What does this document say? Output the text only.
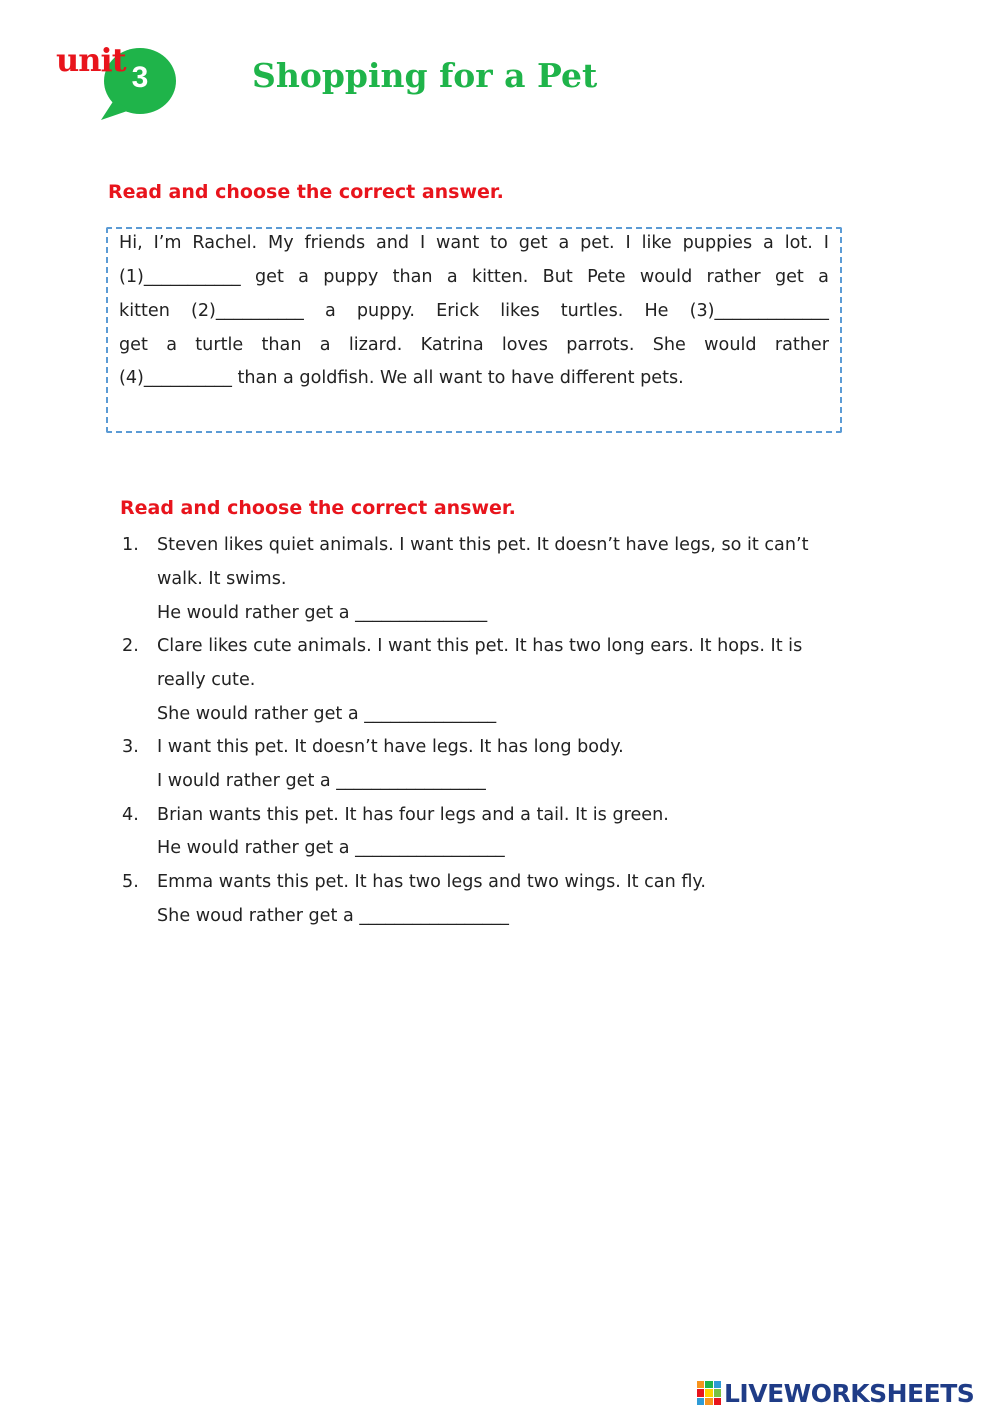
3
unit	Shopping for a Pet
Read and choose the correct answer.
Hi, I’m Rachel. My friends and I want to get a pet. I like puppies a lot. I
(1)___________ get a puppy than a kitten. But Pete would rather get a
kitten (2)__________ a puppy. Erick likes turtles. He (3)_____________
get a turtle than a lizard. Katrina loves parrots. She would rather
(4)__________ than a goldfish. We all want to have different pets.
Read and choose the correct answer.
1. Steven likes quiet animals. I want this pet. It doesn’t have legs, so it can’t
walk. It swims.
He would rather get a _______________
2. Clare likes cute animals. I want this pet. It has two long ears. It hops. It is
really cute.
She would rather get a _______________
3. I want this pet. It doesn’t have legs. It has long body.
I would rather get a _________________
4. Brian wants this pet. It has four legs and a tail. It is green.
He would rather get a _________________
5. Emma wants this pet. It has two legs and two wings. It can fly.
She woud rather get a _________________
LIVEWORKSHEETS
